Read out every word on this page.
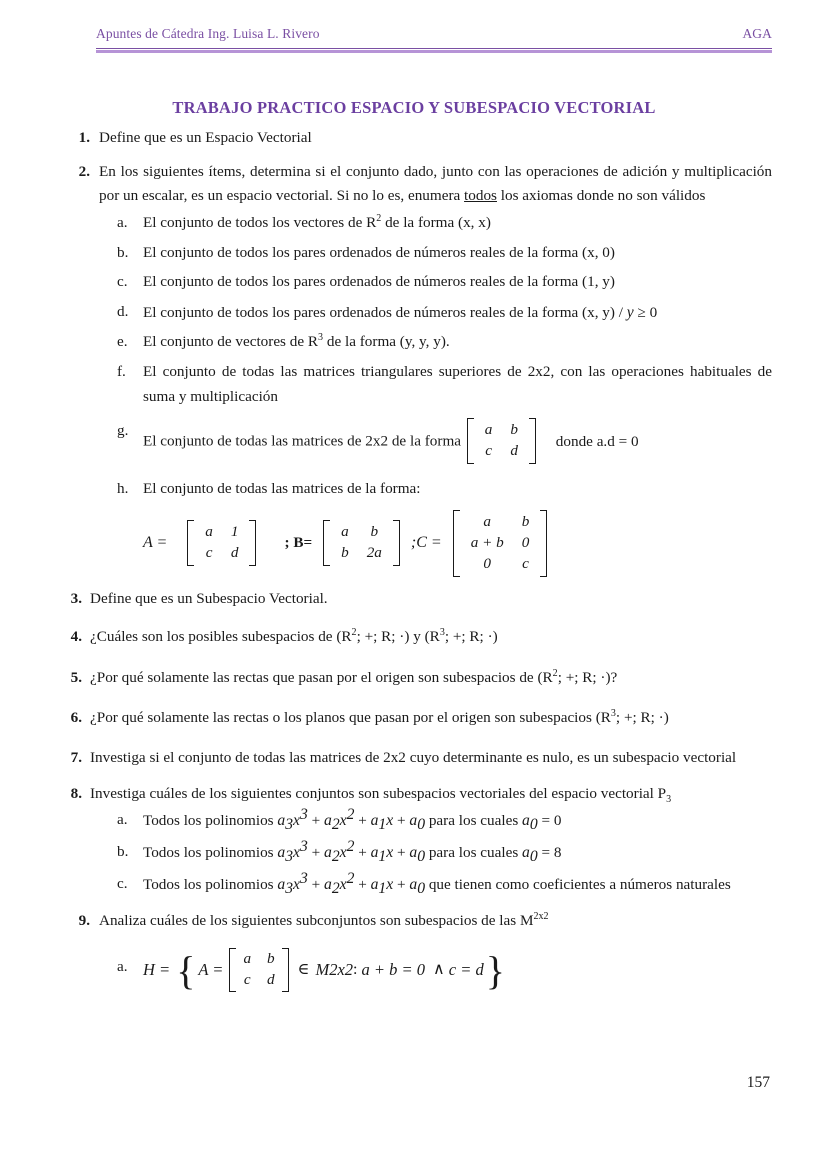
Apuntes de Cátedra Ing. Luisa L. Rivero	AGA
TRABAJO PRACTICO ESPACIO Y SUBESPACIO VECTORIAL
1. Define que es un Espacio Vectorial
2. En los siguientes ítems, determina si el conjunto dado, junto con las operaciones de adición y multiplicación por un escalar, es un espacio vectorial. Si no lo es, enumera todos los axiomas donde no son válidos
a.	El conjunto de todos los vectores de $R^2$ de la forma (x, x)
b. El conjunto de todos los pares ordenados de números reales de la forma (x, 0)
c.	El conjunto de todos los pares ordenados de números reales de la forma (1, y)
d. El conjunto de todos los pares ordenados de números reales de la forma (x, y) / y ≥ 0
e.	El conjunto de vectores de $R^3$ de la forma (y, y, y).
f.	El conjunto de todas las matrices triangulares superiores de 2x2, con las operaciones habituales de suma y multiplicación
g.
El conjunto de todas las matrices de 2x2 de la forma
a	b
c	d
donde a.d = 0
h. El conjunto de todas las matrices de la forma:
A =
a	1
c	d
; B=
a	b
b	2a
;C =
a	b
a + b	0
0	c
3. Define que es un Subespacio Vectorial.
4. ¿Cuáles son los posibles subespacios de ($R^2$; +; R; ·) y ($R^3$; +; R; ·)
5. ¿Por qué solamente las rectas que pasan por el origen son subespacios de ($R^2$; +; R; ·)?
6. ¿Por qué solamente las rectas o los planos que pasan por el origen son subespacios ($R^3$; +; R; ·)
7. Investiga si el conjunto de todas las matrices de 2x2 cuyo determinante es nulo, es un subespacio vectorial
8. Investiga cuáles de los siguientes conjuntos son subespacios vectoriales del espacio vectorial $P_3$
a.	Todos los polinomios $a_3x^3 + a_2x^2 + a_1x + a_0$ para los cuales $a_0 = 0$
b. Todos los polinomios $a_3x^3 + a_2x^2 + a_1x + a_0$ para los cuales $a_0 = 8$
c.	Todos los polinomios $a_3x^3 + a_2x^2 + a_1x + a_0$ que tienen como coeficientes a números naturales
9. Analiza cuáles de los siguientes subconjuntos son subespacios de las $M^{2x2}$
a. H = { A =
a	b
c	d
∈ M 2x2 : a + b = 0 ∧ c = d }
157
